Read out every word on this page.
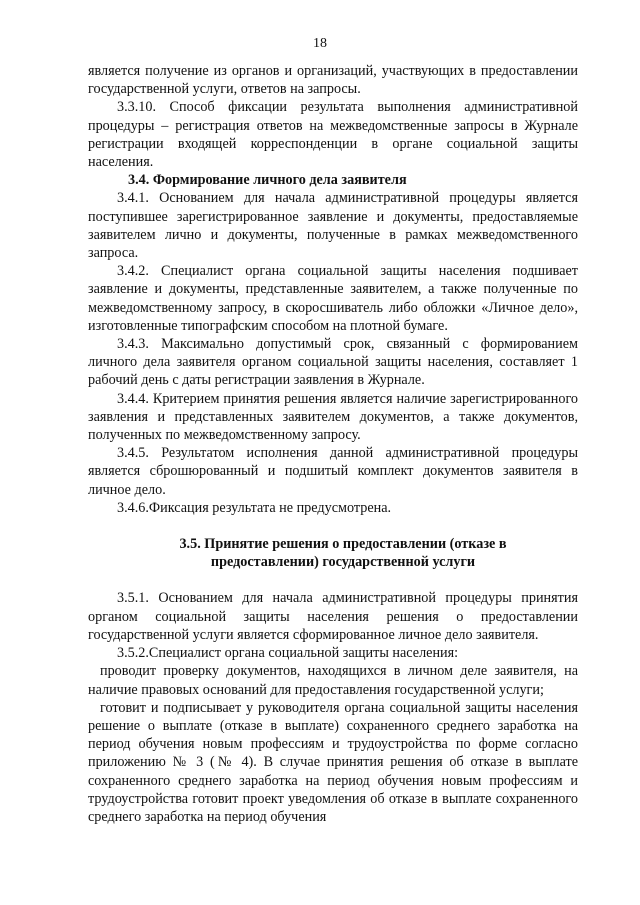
18

является получение из органов и организаций, участвующих в предоставлении государственной услуги, ответов на запросы.

3.3.10. Способ фиксации результата выполнения административной процедуры – регистрация ответов на межведомственные запросы в Журнале регистрации входящей корреспонденции в органе социальной защиты населения.

3.4. Формирование личного дела заявителя

3.4.1. Основанием для начала административной процедуры является поступившее зарегистрированное заявление и документы, предоставляемые заявителем лично и документы, полученные в рамках межведомственного запроса.

3.4.2. Специалист органа социальной защиты населения подшивает заявление и документы, представленные заявителем, а также полученные по межведомственному запросу, в скоросшиватель либо обложки «Личное дело», изготовленные типографским способом на плотной бумаге.

3.4.3. Максимально допустимый срок, связанный с формированием личного дела заявителя органом социальной защиты населения, составляет 1 рабочий день с даты регистрации заявления в Журнале.

3.4.4. Критерием принятия решения является наличие зарегистрированного заявления и представленных заявителем документов, а также документов, полученных по межведомственному запросу.

3.4.5. Результатом исполнения данной административной процедуры является сброшюрованный и подшитый комплект документов заявителя в личное дело.

3.4.6.Фиксация результата не предусмотрена.

3.5. Принятие решения о предоставлении (отказе в
предоставлении) государственной услуги

3.5.1. Основанием для начала административной процедуры принятия органом социальной защиты населения решения о предоставлении государственной услуги является сформированное личное дело заявителя.

3.5.2.Специалист органа социальной защиты населения:

проводит проверку документов, находящихся в личном деле заявителя, на наличие правовых оснований для предоставления государственной услуги;

готовит и подписывает у руководителя органа социальной защиты населения решение о выплате (отказе в выплате) сохраненного среднего заработка на период обучения новым профессиям и трудоустройства по форме согласно приложению № 3 (№ 4). В случае принятия решения об отказе в выплате сохраненного среднего заработка на период обучения новым профессиям и трудоустройства готовит проект уведомления об отказе в выплате сохраненного среднего заработка на период обучения
